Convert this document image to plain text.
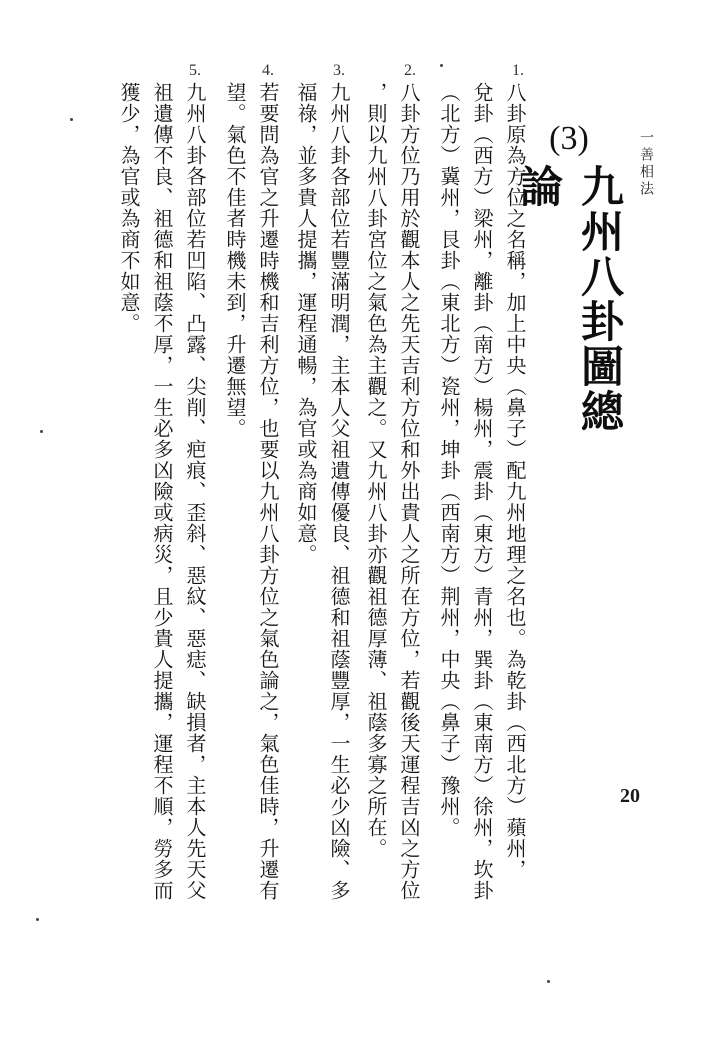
一善相法
20
(3)
九州八卦圖總論
1.
八卦原為方位之名稱，加上中央（鼻子）配九州地理之名也。為乾卦（西北方）蘋州，
兌卦（西方）梁州，離卦（南方）楊州，震卦（東方）青州，巽卦（東南方）徐州，坎卦
（北方）冀州，艮卦（東北方）瓷州，坤卦（西南方）荆州，中央（鼻子）豫州。
2.
八卦方位乃用於觀本人之先天吉利方位和外出貴人之所在方位，若觀後天運程吉凶之方位
，則以九州八卦宮位之氣色為主觀之。又九州八卦亦觀祖德厚薄、祖蔭多寡之所在。
3.
九州八卦各部位若豐滿明潤，主本人父祖遺傳優良、祖德和祖蔭豐厚，一生必少凶險、多
福祿，並多貴人提攜，運程通暢，為官或為商如意。
4.
若要問為官之升遷時機和吉利方位，也要以九州八卦方位之氣色論之，氣色佳時，升遷有
望。氣色不佳者時機未到，升遷無望。
5.
九州八卦各部位若凹陷、凸露、尖削、疤痕、歪斜、惡紋、惡痣、缺損者，主本人先天父
祖遺傳不良、祖德和祖蔭不厚，一生必多凶險或病災，且少貴人提攜，運程不順，勞多而
獲少，為官或為商不如意。
